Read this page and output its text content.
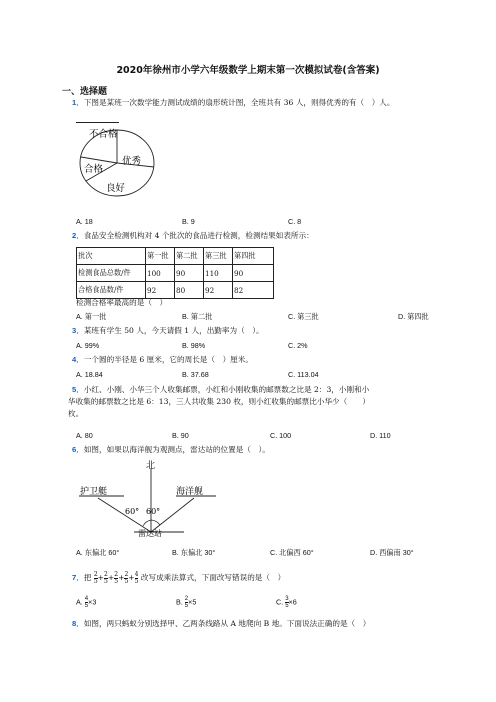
2020年徐州市小学六年级数学上期末第一次模拟试卷(含答案)
一、选择题
1．下图是某班一次数学能力测试成绩的扇形统计图，全班共有 36 人，则得优秀的有（　）人。
不合格
合格
优秀
良好
A. 18	B. 9	C. 8
2．食品安全检测机构对 4 个批次的食品进行检测，检测结果如表所示：
批次	第一批	第二批	第三批	第四批
检测食品总数/件	100	90	110	90
合格食品数/件	92	80	92	82
检测合格率最高的是（　）
A. 第一批	B. 第二批	C. 第三批	D. 第四批
3．某班有学生 50 人，今天请假 1 人，出勤率为（　）。
A. 99%	B. 98%	C. 2%
4．一个圆的半径是 6 厘米，它的周长是（　）厘米。
A. 18.84	B. 37.68	C. 113.04
5．小红、小刚、小华三个人收集邮票，小红和小刚收集的邮票数之比是 2：3，小刚和小
华收集的邮票数之比是 6：13，三人共收集 230 枚，则小红收集的邮票比小华少（　　）
枚。
A. 80	B. 90	C. 100	D. 110
6．如图，如果以海洋舰为观测点，雷达站的位置是（　）。
北
护卫艇	海洋舰
雷达站
60° 60°
A. 东偏北 60°	B. 东偏北 30°	C. 北偏西 60°	D. 西偏南 30°
7．把 $\frac{2}{5} + \frac{2}{5} + \frac{2}{5} + \frac{2}{5} + \frac{4}{5}$ 改写成乘法算式，下面改写错误的是（　）
A. $\frac{4}{5} \times 3$	B. $\frac{2}{5} \times 5$	C. $\frac{3}{5} \times 6$
8．如图，两只蚂蚁分别选择甲、乙两条线路从 A 地爬向 B 地。下面说法正确的是（　）
